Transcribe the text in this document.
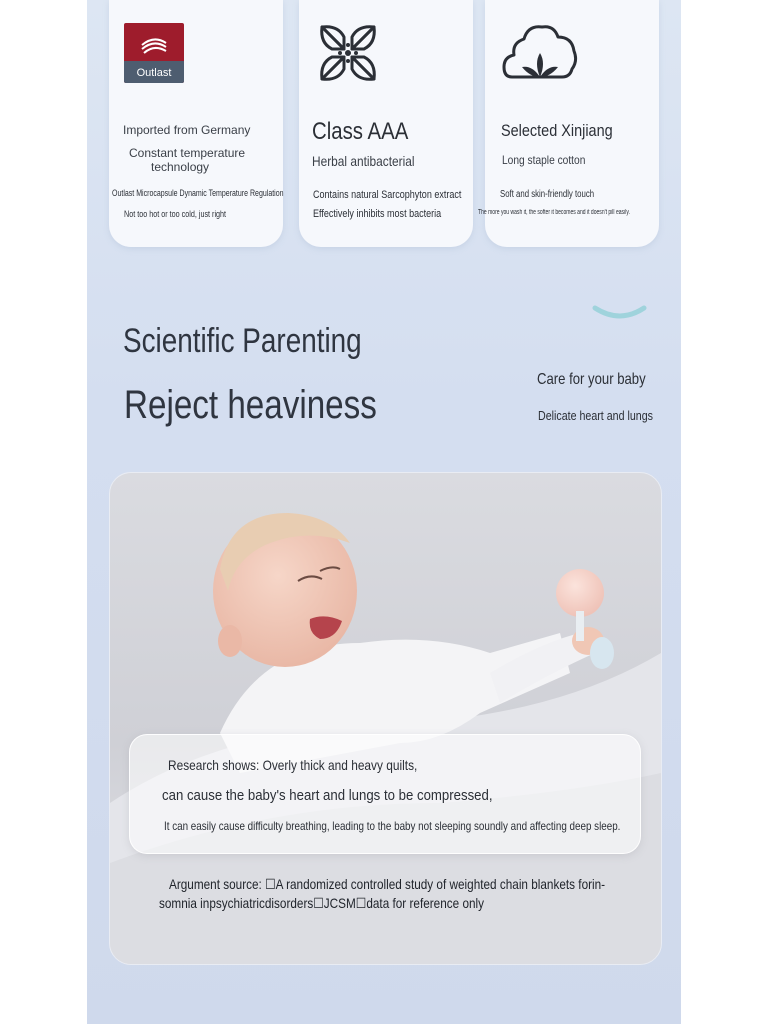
Outlast
Imported from Germany
Constant temperature
technology
Outlast Microcapsule Dynamic Temperature Regulation
Not too hot or too cold, just right
Class AAA
Herbal antibacterial
Contains natural Sarcophyton extract
Effectively inhibits most bacteria
Selected Xinjiang
Long staple cotton
Soft and skin-friendly touch
The more you wash it, the softer it becomes and it doesn't pill easily.
Scientific Parenting
Reject heaviness
Care for your baby
Delicate heart and lungs
Research shows: Overly thick and heavy quilts,
can cause the baby's heart and lungs to be compressed,
It can easily cause difficulty breathing, leading to the baby not sleeping soundly and affecting deep sleep.
Argument source: ☐A randomized controlled study of weighted chain blankets forin-
somnia inpsychiatricdisorders☐JCSM☐data for reference only
